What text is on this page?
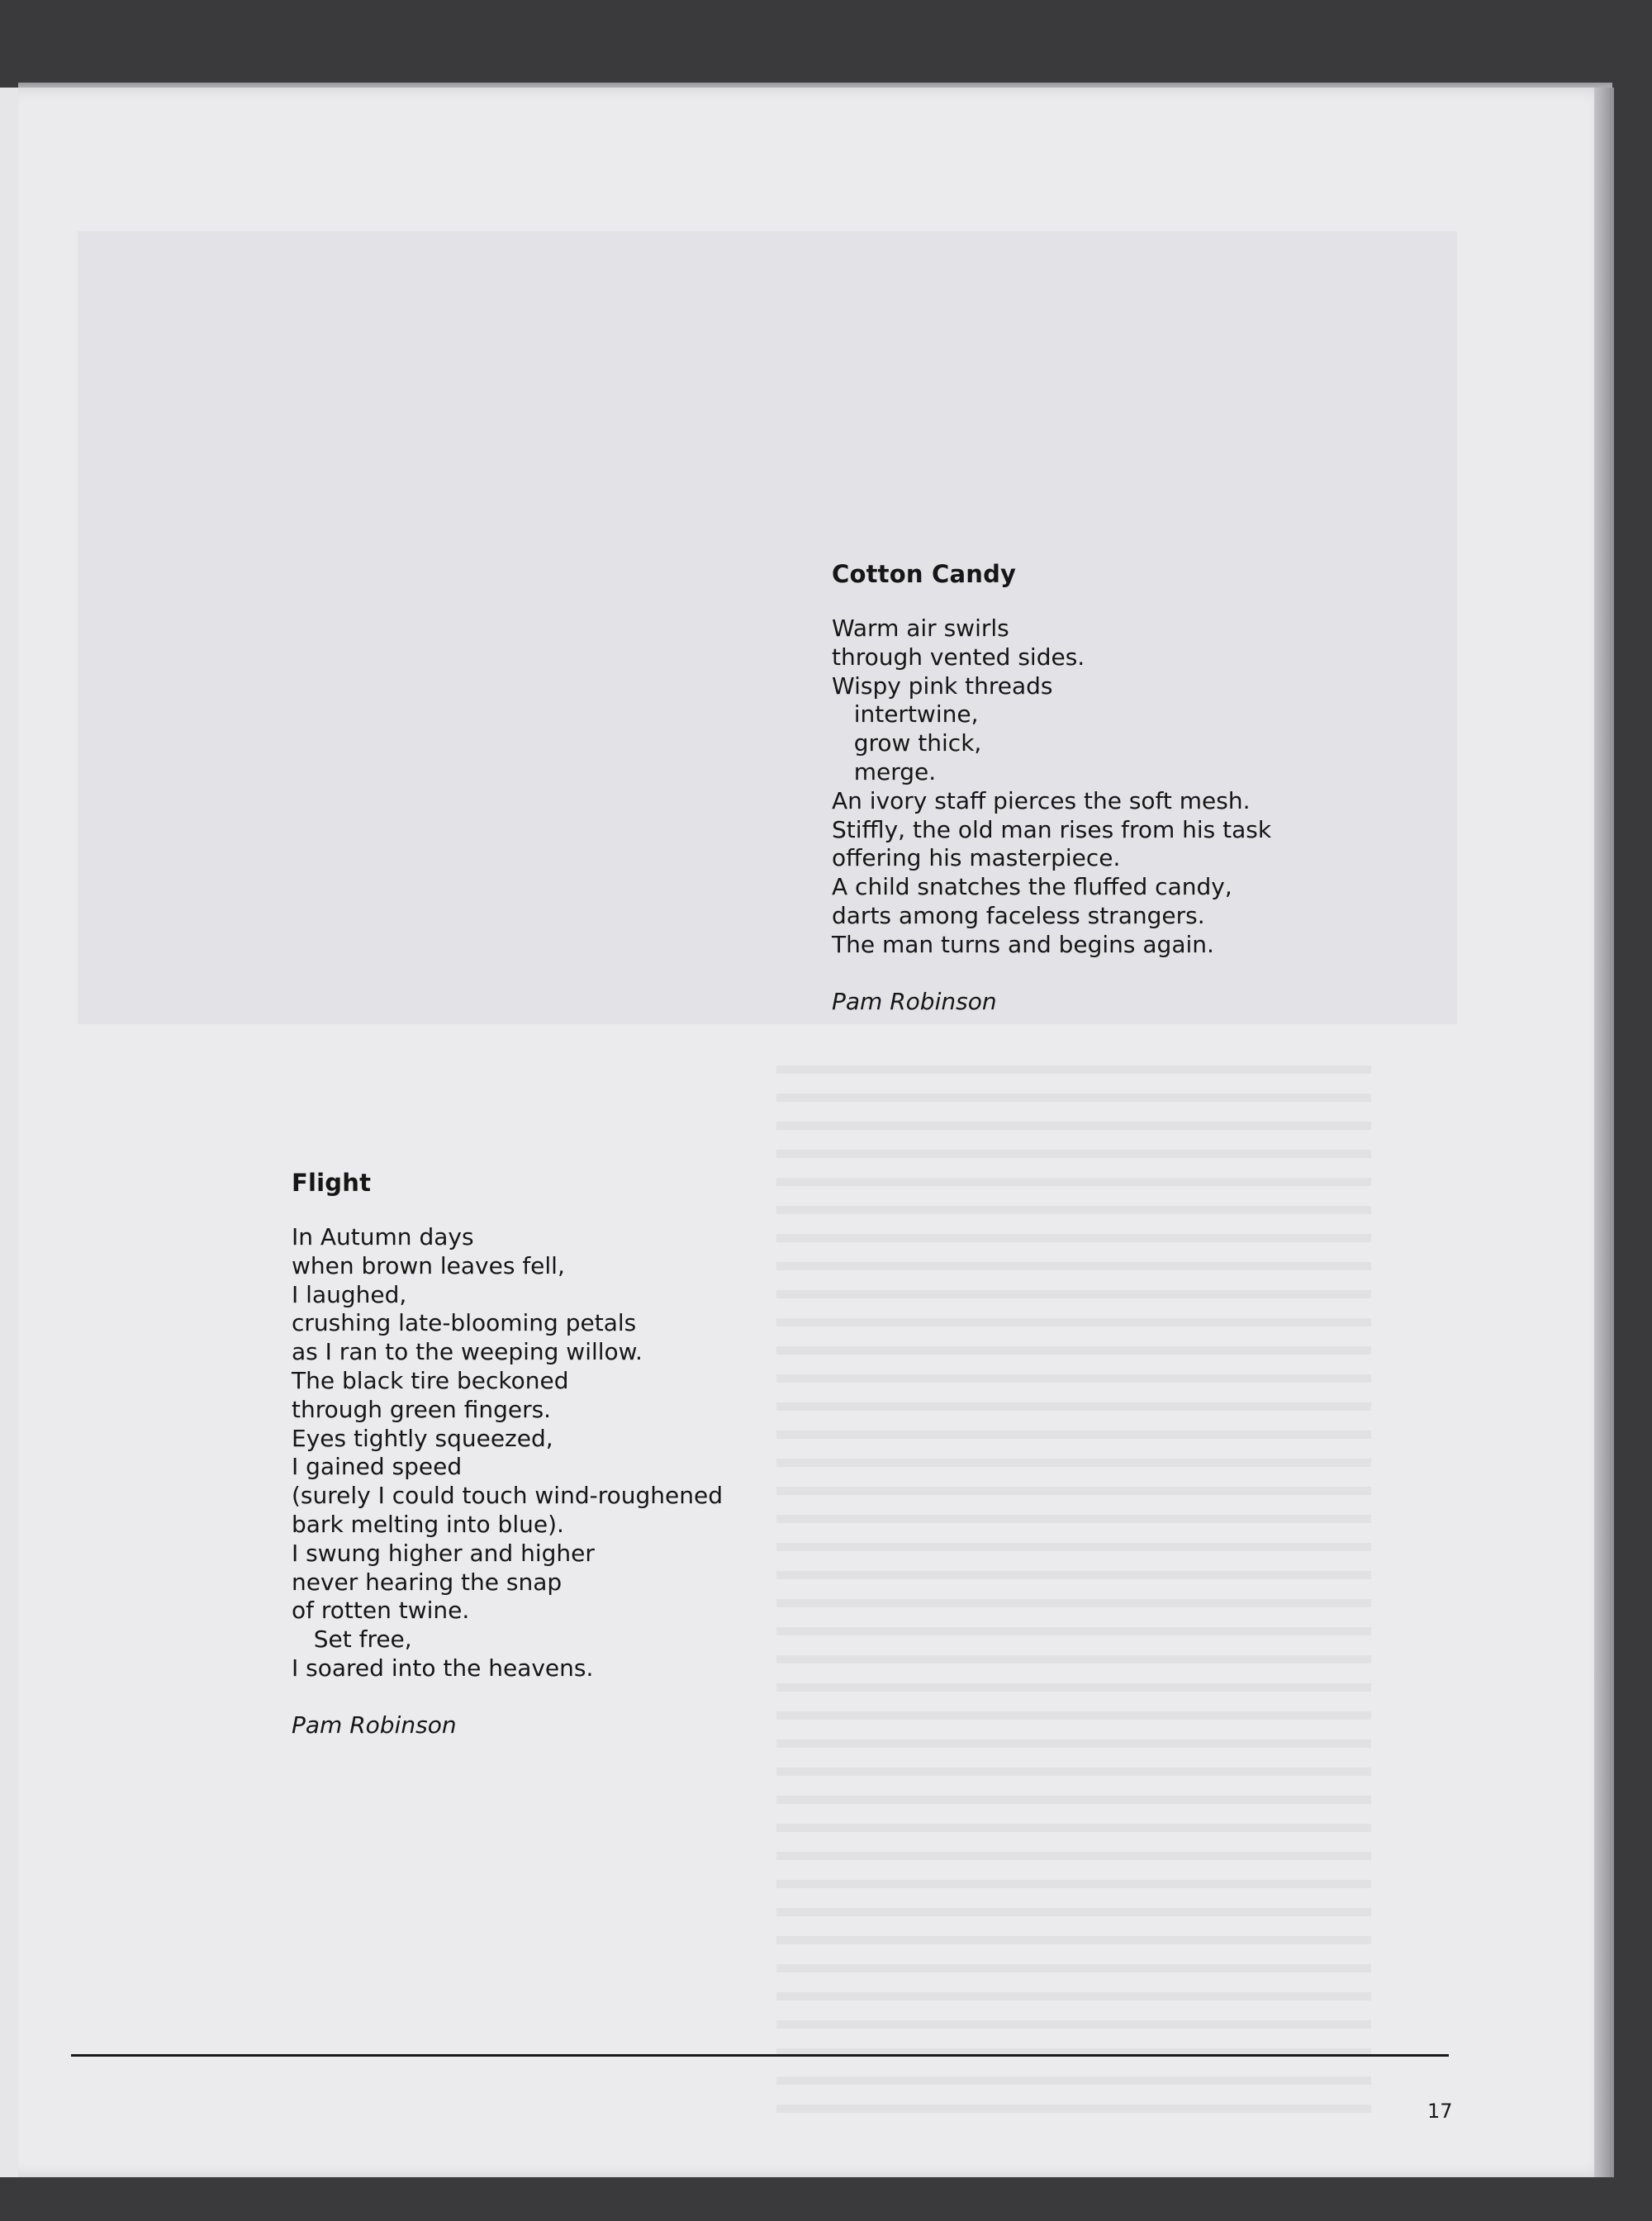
Cotton Candy
Warm air swirls
through vented sides.
Wispy pink threads
intertwine,
grow thick,
merge.
An ivory staff pierces the soft mesh.
Stiffly, the old man rises from his task
offering his masterpiece.
A child snatches the fluffed candy,
darts among faceless strangers.
The man turns and begins again.
Pam Robinson
Flight
In Autumn days
when brown leaves fell,
I laughed,
crushing late-blooming petals
as I ran to the weeping willow.
The black tire beckoned
through green fingers.
Eyes tightly squeezed,
I gained speed
(surely I could touch wind-roughened
bark melting into blue).
I swung higher and higher
never hearing the snap
of rotten twine.
Set free,
I soared into the heavens.
Pam Robinson
17
